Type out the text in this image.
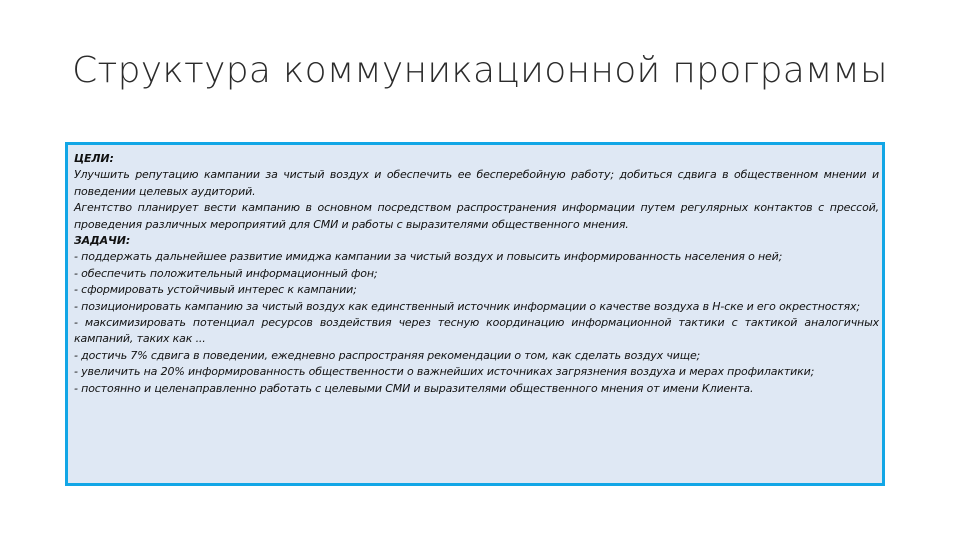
Структура коммуникационной программы

ЦЕЛИ:

Улучшить репутацию кампании за чистый воздух и обеспечить ее бесперебойную работу; добиться сдвига в общественном мнении и поведении целевых аудиторий.

Агентство планирует вести кампанию в основном посредством распространения информации путем регулярных контактов с прессой, проведения различных мероприятий для СМИ и работы с выразителями общественного мнения.

ЗАДАЧИ:

- поддержать дальнейшее развитие имиджа кампании за чистый воздух и повысить информированность населения о ней;

- обеспечить положительный информационный фон;

- сформировать устойчивый интерес к кампании;

- позиционировать кампанию за чистый воздух как единственный источник информации о качестве воздуха в Н-ске и его окрестностях;

- максимизировать потенциал ресурсов воздействия через тесную координацию информационной тактики с тактикой аналогичных кампаний, таких как ...

- достичь 7% сдвига в поведении, ежедневно распространяя рекомендации о том, как сделать воздух чище;

- увеличить на 20% информированность общественности о важнейших источниках загрязнения воздуха и мерах профилактики;

- постоянно и целенаправленно работать с целевыми СМИ и выразителями общественного мнения от имени Клиента.
